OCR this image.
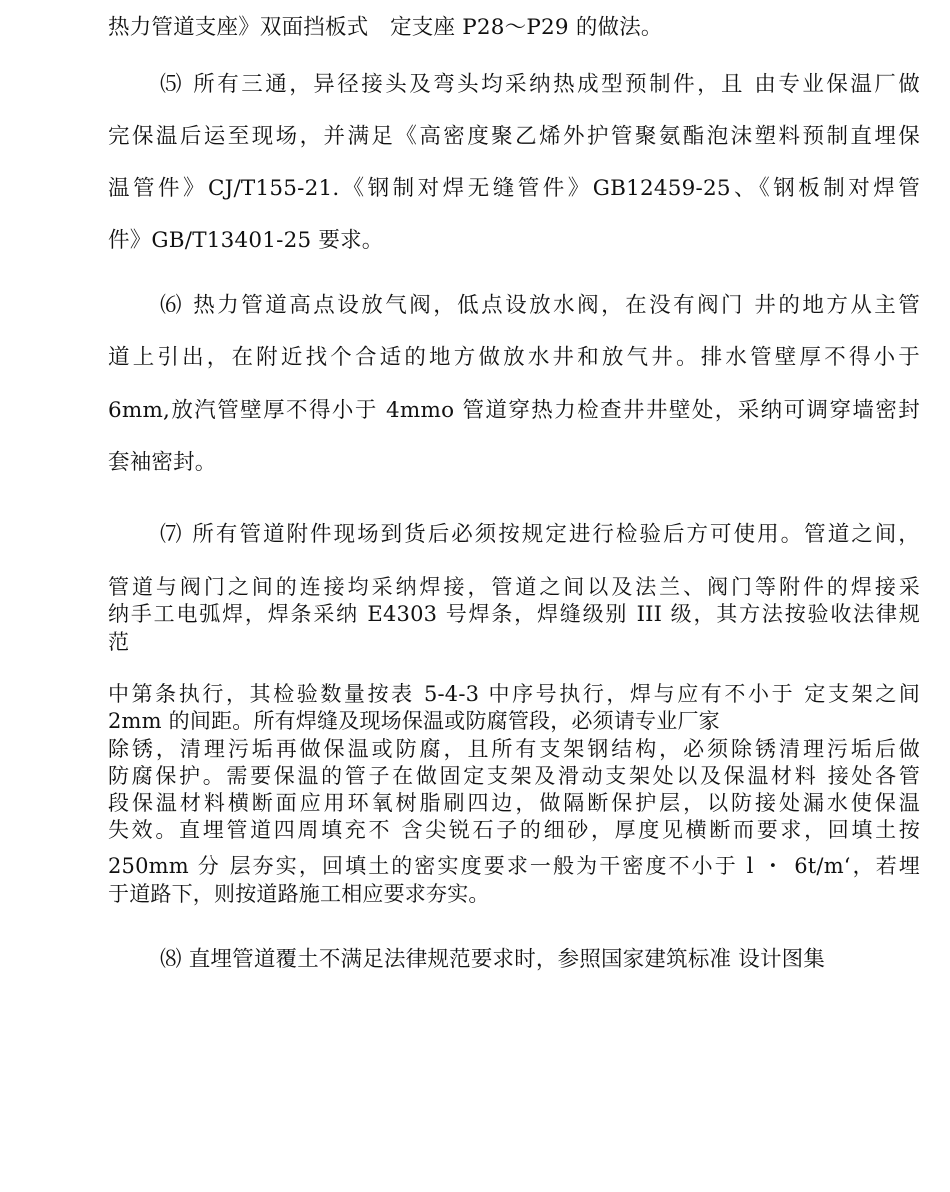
热力管道支座》双面挡板式　定支座 P28〜P29 的做法。
⑸ 所有三通，异径接头及弯头均采纳热成型预制件，且 由专业保温厂做
完保温后运至现场，并满足《高密度聚乙烯外护管聚氨酯泡沫塑料预制直埋保
温管件》CJ/T155-21.《钢制对焊无缝管件》GB12459-25、《钢板制对焊管
件》GB/T13401-25 要求。
⑹ 热力管道高点设放气阀，低点设放水阀，在没有阀门 井的地方从主管
道上引出，在附近找个合适的地方做放水井和放气井。排水管壁厚不得小于
6mm,放汽管壁厚不得小于 4mmo 管道穿热力检查井井壁处，采纳可调穿墙密封
套袖密封。
⑺ 所有管道附件现场到货后必须按规定进行检验后方可使用。管道之间，
管道与阀门之间的连接均采纳焊接，管道之间以及法兰、阀门等附件的焊接采
纳手工电弧焊，焊条采纳 E4303 号焊条，焊缝级别 III 级，其方法按验收法律规
范
中第条执行，其检验数量按表 5-4-3 中序号执行，焊与应有不小于 定支架之间
2mm 的间距。所有焊缝及现场保温或防腐管段，必须请专业厂家
除锈，清理污垢再做保温或防腐，且所有支架钢结构，必须除锈清理污垢后做
防腐保护。需要保温的管子在做固定支架及滑动支架处以及保温材料 接处各管
段保温材料横断面应用环氧树脂刷四边，做隔断保护层，以防接处漏水使保温
失效。直埋管道四周填充不 含尖锐石子的细砂，厚度见横断而要求，回填土按
250mm 分 层夯实，回填土的密实度要求一般为干密度不小于 l ・ 6t/m‘，若埋
于道路下，则按道路施工相应要求夯实。
⑻ 直埋管道覆土不满足法律规范要求时，参照国家建筑标准 设计图集
